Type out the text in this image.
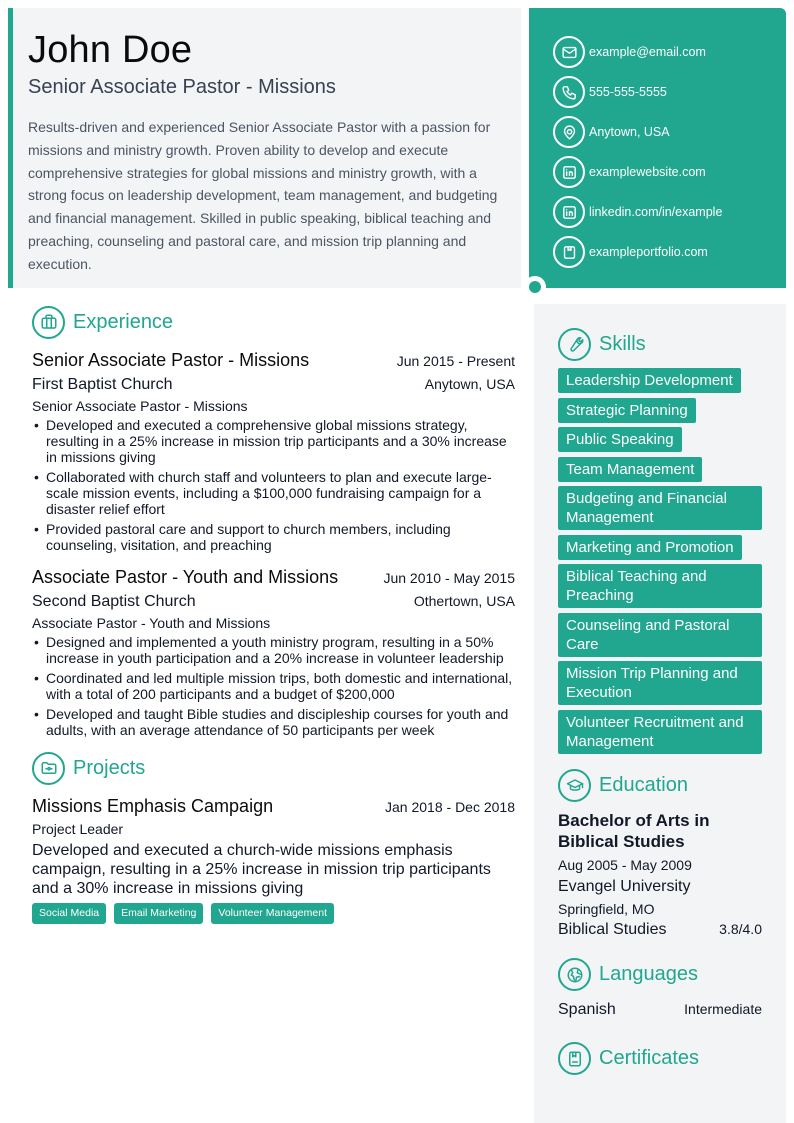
John Doe
Senior Associate Pastor - Missions

Results-driven and experienced Senior Associate Pastor with a passion for missions and ministry growth. Proven ability to develop and execute comprehensive strategies for global missions and ministry growth, with a strong focus on leadership development, team management, and budgeting and financial management. Skilled in public speaking, biblical teaching and preaching, counseling and pastoral care, and mission trip planning and execution.

example@email.com
555-555-5555
Anytown, USA
examplewebsite.com
linkedin.com/in/example
exampleportfolio.com
Experience
Senior Associate Pastor - Missions	Jun 2015 - Present
First Baptist Church	Anytown, USA
Senior Associate Pastor - Missions
• Developed and executed a comprehensive global missions strategy, resulting in a 25% increase in mission trip participants and a 30% increase in missions giving
• Collaborated with church staff and volunteers to plan and execute large-scale mission events, including a $100,000 fundraising campaign for a disaster relief effort
• Provided pastoral care and support to church members, including counseling, visitation, and preaching
Associate Pastor - Youth and Missions	Jun 2010 - May 2015
Second Baptist Church	Othertown, USA
Associate Pastor - Youth and Missions
• Designed and implemented a youth ministry program, resulting in a 50% increase in youth participation and a 20% increase in volunteer leadership
• Coordinated and led multiple mission trips, both domestic and international, with a total of 200 participants and a budget of $200,000
• Developed and taught Bible studies and discipleship courses for youth and adults, with an average attendance of 50 participants per week
Projects
Missions Emphasis Campaign	Jan 2018 - Dec 2018
Project Leader

Developed and executed a church-wide missions emphasis campaign, resulting in a 25% increase in mission trip participants and a 30% increase in missions giving

Social Media	Email Marketing	Volunteer Management
Skills
Leadership Development
Strategic Planning
Public Speaking
Team Management
Budgeting and Financial Management
Marketing and Promotion
Biblical Teaching and Preaching
Counseling and Pastoral Care
Mission Trip Planning and Execution
Volunteer Recruitment and Management
Education
Bachelor of Arts in Biblical Studies
Aug 2005 - May 2009
Evangel University
Springfield, MO
Biblical Studies	3.8/4.0
Languages
Spanish	Intermediate
Certificates
